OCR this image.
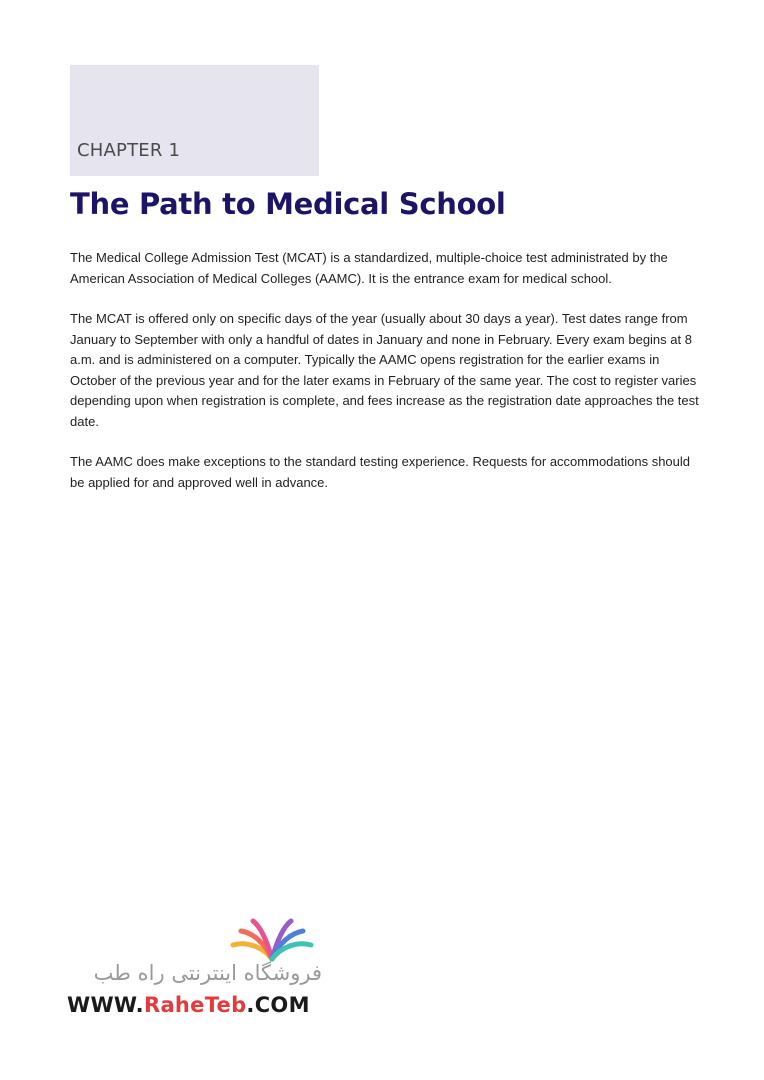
CHAPTER 1
The Path to Medical School

The Medical College Admission Test (MCAT) is a standardized, multiple-choice test administrated by the American Association of Medical Colleges (AAMC). It is the entrance exam for medical school.

The MCAT is offered only on specific days of the year (usually about 30 days a year). Test dates range from January to September with only a handful of dates in January and none in February. Every exam begins at 8 a.m. and is administered on a computer. Typically the AAMC opens registration for the earlier exams in October of the previous year and for the later exams in February of the same year. The cost to register varies depending upon when registration is complete, and fees increase as the registration date approaches the test date.

The AAMC does make exceptions to the standard testing experience. Requests for accommodations should be applied for and approved well in advance.

فروشگاه اینترنتی راه طب
WWW.RaheTeb.COM
